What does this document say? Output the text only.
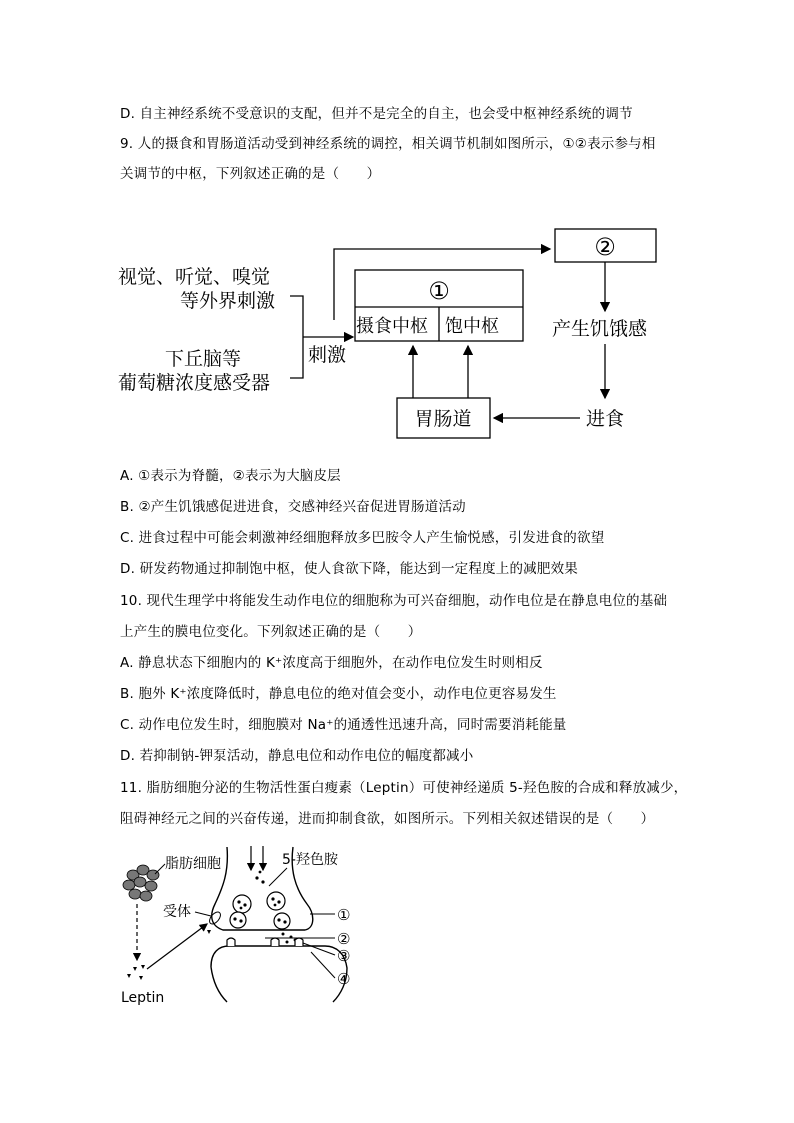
D. 自主神经系统不受意识的支配，但并不是完全的自主，也会受中枢神经系统的调节
9. 人的摄食和胃肠道活动受到神经系统的调控，相关调节机制如图所示，①②表示参与相
关调节的中枢，下列叙述正确的是（　　）
视觉、听觉、嗅觉
等外界刺激
下丘脑等
葡萄糖浓度感受器
刺激
①
摄食中枢 饱中枢
②
产生饥饿感
进食
胃肠道
A. ①表示为脊髓，②表示为大脑皮层
B. ②产生饥饿感促进进食，交感神经兴奋促进胃肠道活动
C. 进食过程中可能会刺激神经细胞释放多巴胺令人产生愉悦感，引发进食的欲望
D. 研发药物通过抑制饱中枢，使人食欲下降，能达到一定程度上的减肥效果
10. 现代生理学中将能发生动作电位的细胞称为可兴奋细胞，动作电位是在静息电位的基础
上产生的膜电位变化。下列叙述正确的是（　　）
A. 静息状态下细胞内的 K⁺浓度高于细胞外，在动作电位发生时则相反
B. 胞外 K⁺浓度降低时，静息电位的绝对值会变小，动作电位更容易发生
C. 动作电位发生时，细胞膜对 Na⁺的通透性迅速升高，同时需要消耗能量
D. 若抑制钠-钾泵活动，静息电位和动作电位的幅度都减小
11. 脂肪细胞分泌的生物活性蛋白瘦素（Leptin）可使神经递质 5-羟色胺的合成和释放减少，
阻碍神经元之间的兴奋传递，进而抑制食欲，如图所示。下列相关叙述错误的是（　　）
脂肪细胞
Leptin
受体
5-羟色胺
①
②
③
④
